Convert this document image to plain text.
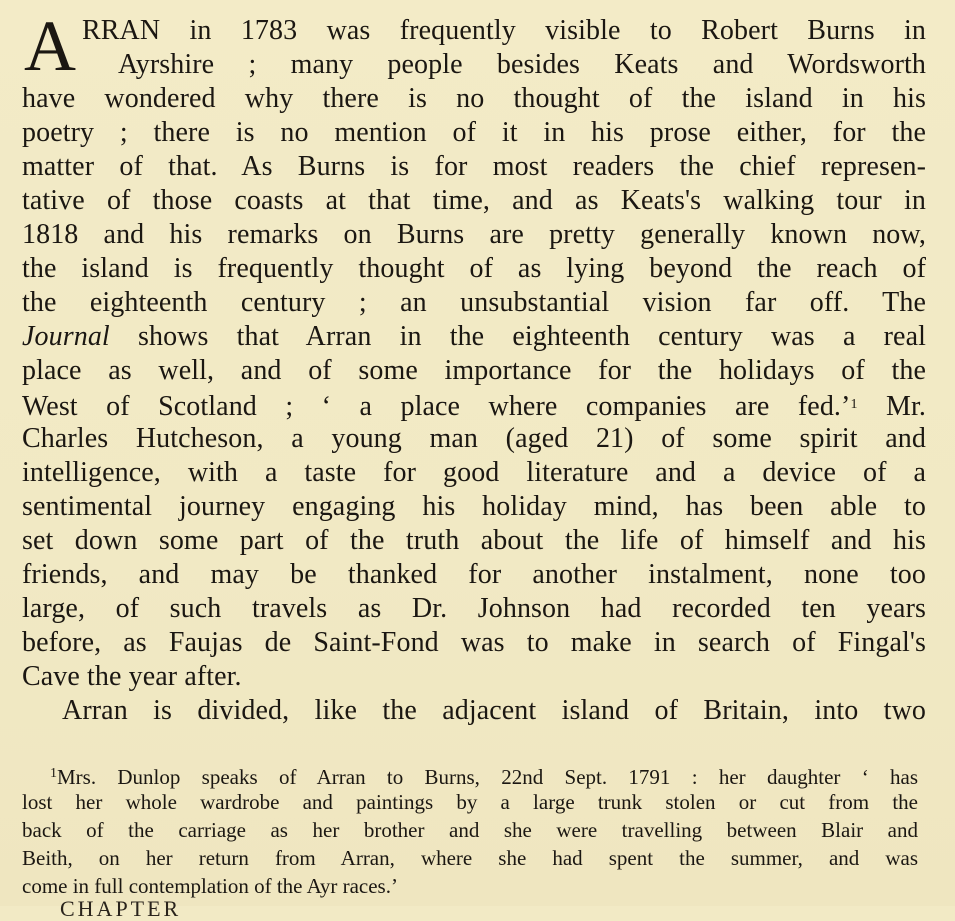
A RRAN in 1783 was frequently visible to Robert Burns in
Ayrshire ; many people besides Keats and Wordsworth
have wondered why there is no thought of the island in his
poetry ; there is no mention of it in his prose either, for the
matter of that. As Burns is for most readers the chief represen-
tative of those coasts at that time, and as Keats's walking tour in
1818 and his remarks on Burns are pretty generally known now,
the island is frequently thought of as lying beyond the reach of
the eighteenth century ; an unsubstantial vision far off. The
Journal shows that Arran in the eighteenth century was a real
place as well, and of some importance for the holidays of the
West of Scotland ; ‘ a place where companies are fed.’$^1$ Mr.
Charles Hutcheson, a young man (aged 21) of some spirit and
intelligence, with a taste for good literature and a device of a
sentimental journey engaging his holiday mind, has been able to
set down some part of the truth about the life of himself and his
friends, and may be thanked for another instalment, none too
large, of such travels as Dr. Johnson had recorded ten years
before, as Faujas de Saint-Fond was to make in search of Fingal's
Cave the year after.
Arran is divided, like the adjacent island of Britain, into two
$^1$Mrs. Dunlop speaks of Arran to Burns, 22nd Sept. 1791 : her daughter ‘ has
lost her whole wardrobe and paintings by a large trunk stolen or cut from the
back of the carriage as her brother and she were travelling between Blair and
Beith, on her return from Arran, where she had spent the summer, and was
come in full contemplation of the Ayr races.’
CHAPTER
